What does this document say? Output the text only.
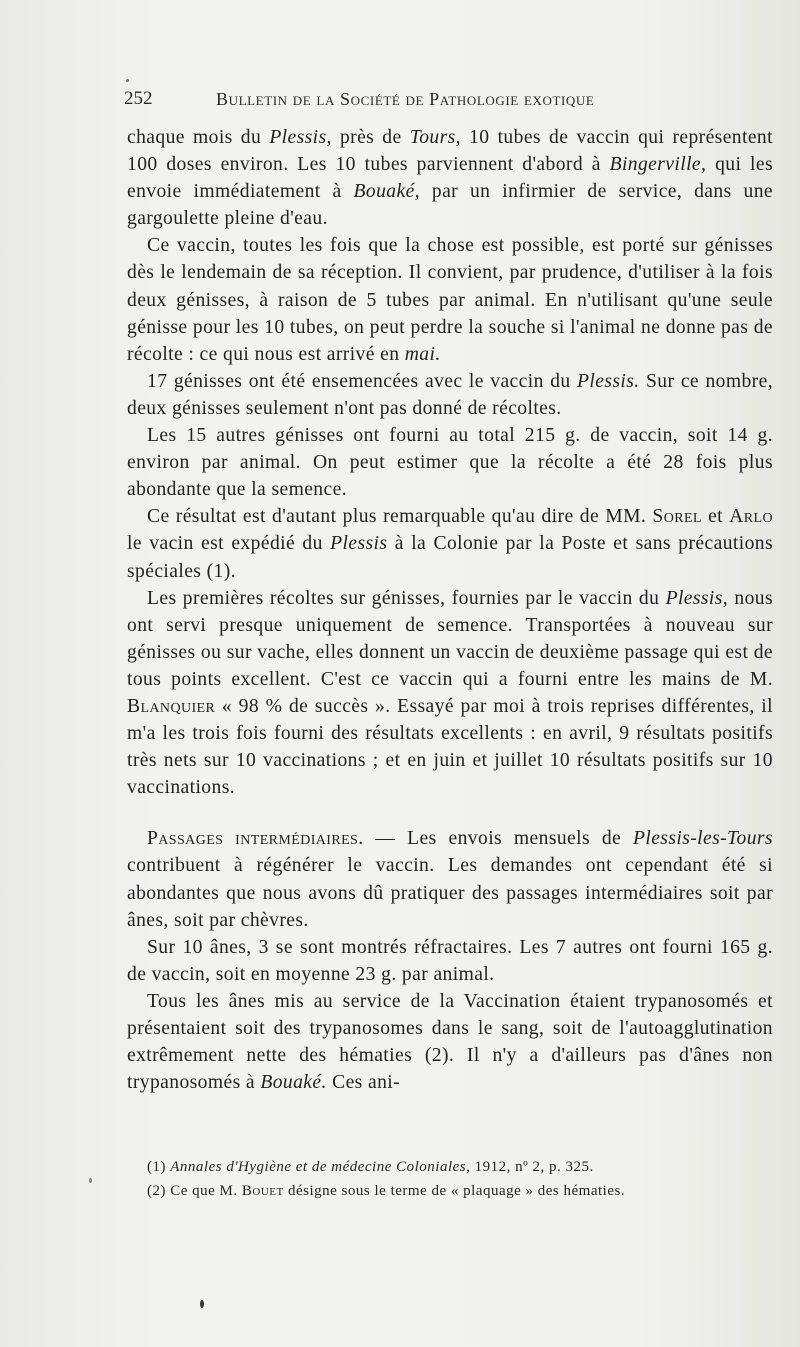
252	Bulletin de la Société de Pathologie exotique

chaque mois du Plessis, près de Tours, 10 tubes de vaccin qui représentent 100 doses environ. Les 10 tubes parviennent d'abord à Bingerville, qui les envoie immédiatement à Bouaké, par un infirmier de service, dans une gargoulette pleine d'eau.

Ce vaccin, toutes les fois que la chose est possible, est porté sur génisses dès le lendemain de sa réception. Il convient, par prudence, d'utiliser à la fois deux génisses, à raison de 5 tubes par animal. En n'utilisant qu'une seule génisse pour les 10 tubes, on peut perdre la souche si l'animal ne donne pas de récolte : ce qui nous est arrivé en mai.

17 génisses ont été ensemencées avec le vaccin du Plessis. Sur ce nombre, deux génisses seulement n'ont pas donné de récoltes.

Les 15 autres génisses ont fourni au total 215 g. de vaccin, soit 14 g. environ par animal. On peut estimer que la récolte a été 28 fois plus abondante que la semence.

Ce résultat est d'autant plus remarquable qu'au dire de MM. Sorel et Arlo le vacin est expédié du Plessis à la Colonie par la Poste et sans précautions spéciales (1).

Les premières récoltes sur génisses, fournies par le vaccin du Plessis, nous ont servi presque uniquement de semence. Transportées à nouveau sur génisses ou sur vache, elles donnent un vaccin de deuxième passage qui est de tous points excellent. C'est ce vaccin qui a fourni entre les mains de M. Blanquier « 98 % de succès ». Essayé par moi à trois reprises différentes, il m'a les trois fois fourni des résultats excellents : en avril, 9 résultats positifs très nets sur 10 vaccinations ; et en juin et juillet 10 résultats positifs sur 10 vaccinations.

Passages intermédiaires. — Les envois mensuels de Plessis-les-Tours contribuent à régénérer le vaccin. Les demandes ont cependant été si abondantes que nous avons dû pratiquer des passages intermédiaires soit par ânes, soit par chèvres.

Sur 10 ânes, 3 se sont montrés réfractaires. Les 7 autres ont fourni 165 g. de vaccin, soit en moyenne 23 g. par animal.

Tous les ânes mis au service de la Vaccination étaient trypanosomés et présentaient soit des trypanosomes dans le sang, soit de l'autoagglutination extrêmement nette des hématies (2). Il n'y a d'ailleurs pas d'ânes non trypanosomés à Bouaké. Ces ani-

(1) Annales d'Hygiène et de médecine Coloniales, 1912, nº 2, p. 325.
(2) Ce que M. Bouet désigne sous le terme de « plaquage » des hématies.
